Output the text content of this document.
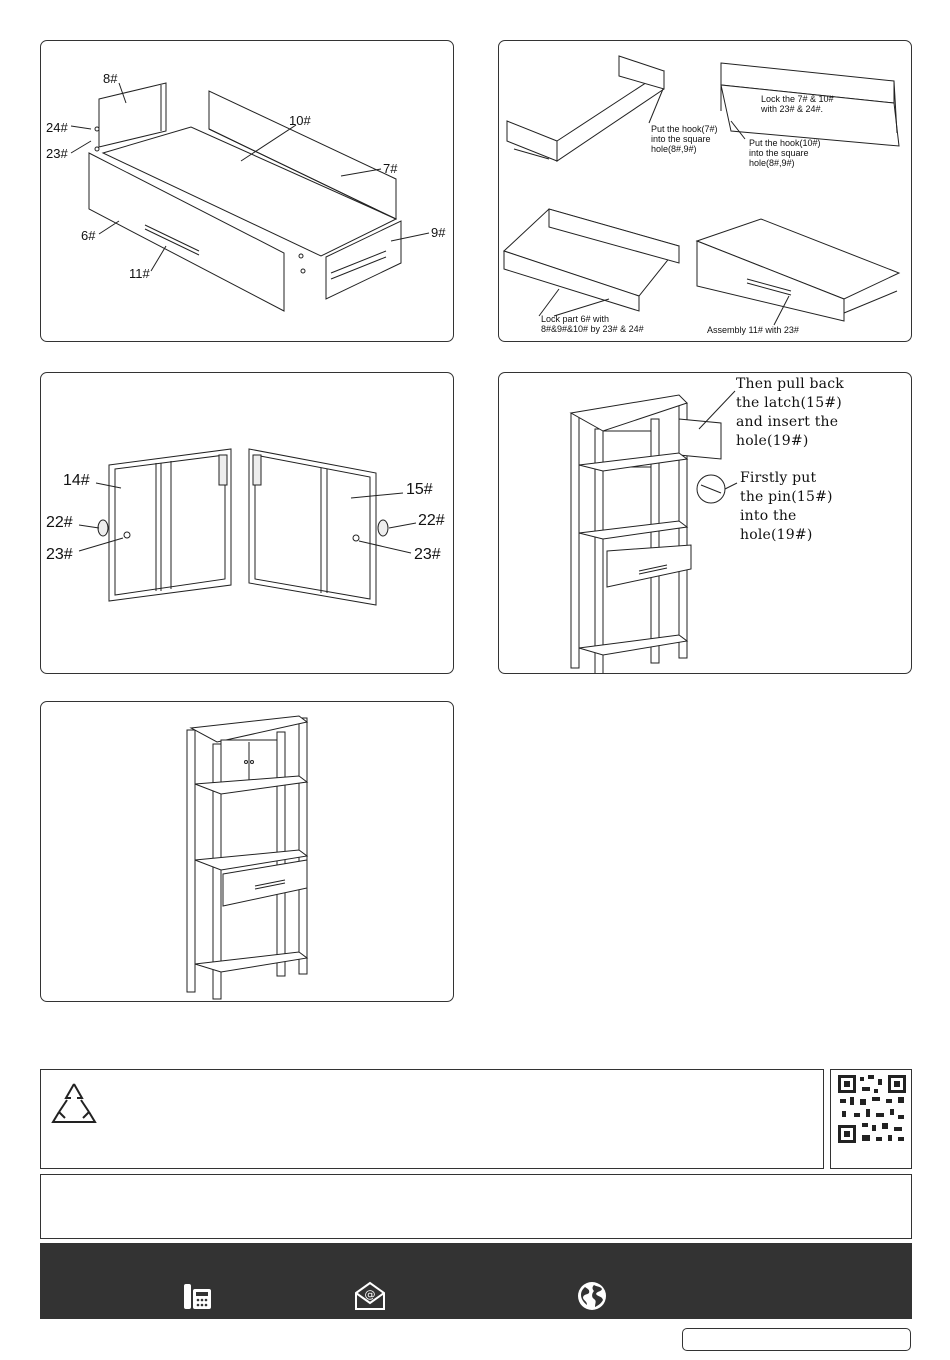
8#
24#
23#
10#
7#
9#
6#
11#
Put the hook(7#)
into the square
hole(8#,9#)
Lock the 7# & 10#
with 23# & 24#.
Put the hook(10#)
into the square
hole(8#,9#)
Lock part 6# with
8#&9#&10# by 23# & 24#	Assembly 11# with 23#
14#
22#
23#
15#
22#
23#
Then pull back
the latch(15#)
and insert the
hole(19#)
Firstly put
the pin(15#)
into the
hole(19#)
@
